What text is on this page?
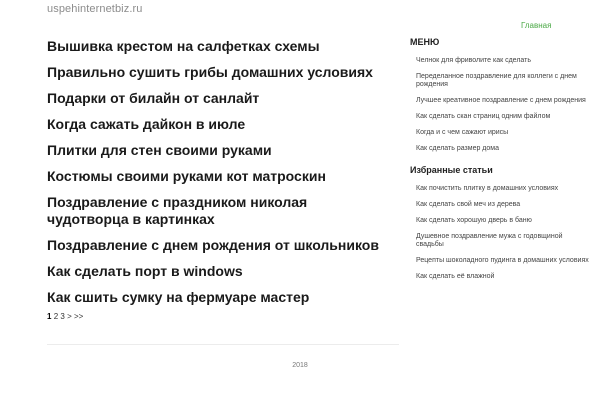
uspehinternetbiz.ru
Главная
Вышивка крестом на салфетках схемы
Правильно сушить грибы домашних условиях
Подарки от билайн от санлайт
Когда сажать дайкон в июле
Плитки для стен своими руками
Костюмы своими руками кот матроскин
Поздравление с праздником николая чудотворца в картинках
Поздравление с днем рождения от школьников
Как сделать порт в windows
Как сшить сумку на фермуаре мастер
1 2 3 > >>
МЕНЮ
Челнок для фриволите как сделать
Переделанное поздравление для коллеги с днем рождения
Лучшее креативное поздравление с днем рождения
Как сделать скан страниц одним файлом
Когда и с чем сажают ирисы
Как сделать размер дома
Избранные статьи
Как почистить плитку в домашних условиях
Как сделать свой меч из дерева
Как сделать хорошую дверь в баню
Душевное поздравление мужа с годовщиной свадьбы
Рецепты шоколадного пудинга в домашних условиях
Как сделать её влажной
2018
